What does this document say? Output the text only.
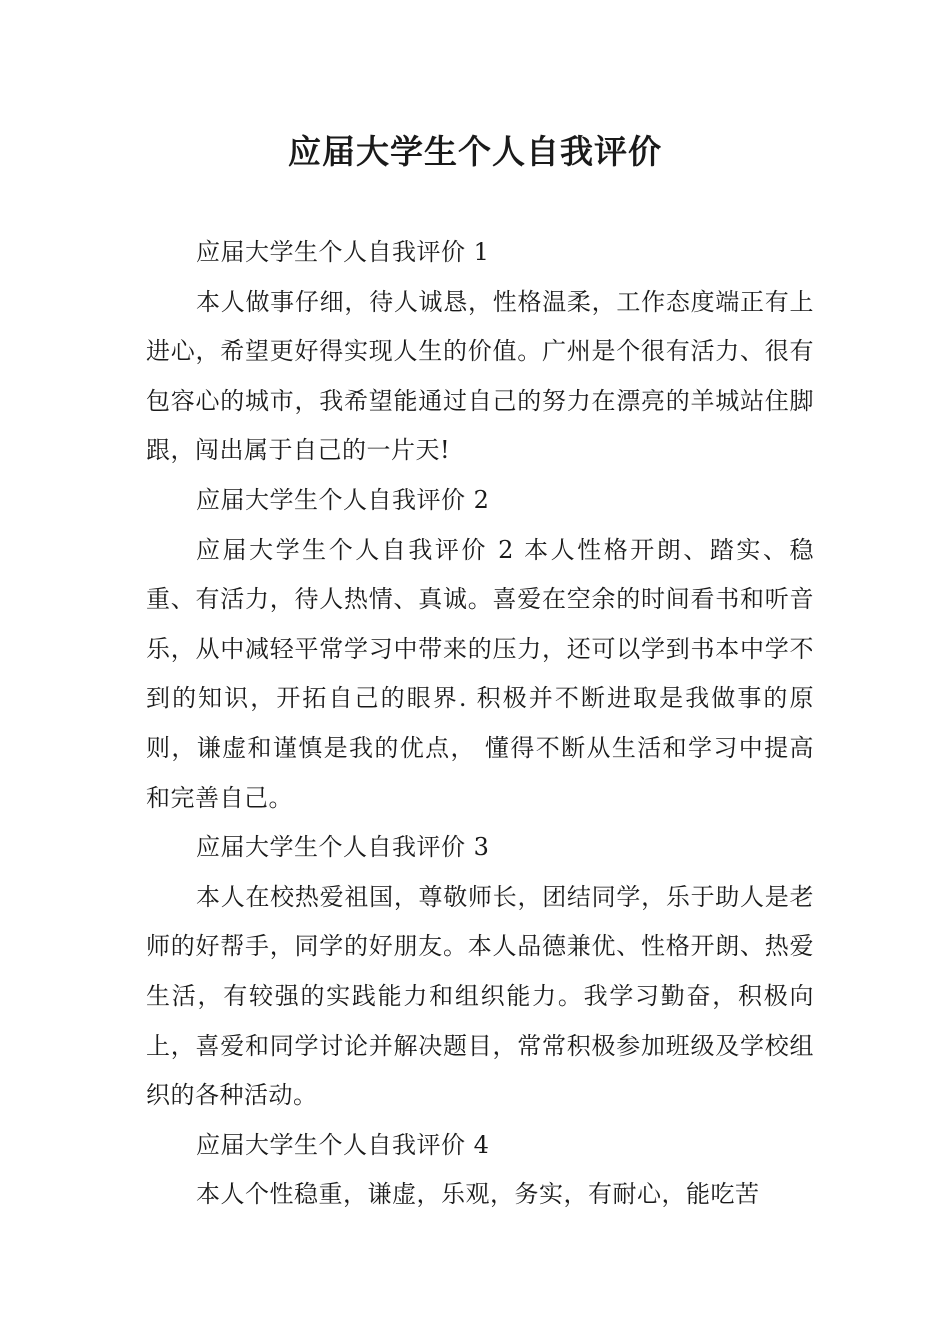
应届大学生个人自我评价

应届大学生个人自我评价 1

本人做事仔细，待人诚恳，性格温柔，工作态度端正有上进心，希望更好得实现人生的价值。广州是个很有活力、很有包容心的城市，我希望能通过自己的努力在漂亮的羊城站住脚跟，闯出属于自己的一片天!

应届大学生个人自我评价 2

应届大学生个人自我评价 2 本人性格开朗、踏实、稳重、有活力，待人热情、真诚。喜爱在空余的时间看书和听音乐，从中减轻平常学习中带来的压力，还可以学到书本中学不到的知识，开拓自己的眼界. 积极并不断进取是我做事的原则，谦虚和谨慎是我的优点， 懂得不断从生活和学习中提高和完善自己。

应届大学生个人自我评价 3

本人在校热爱祖国，尊敬师长，团结同学，乐于助人是老师的好帮手，同学的好朋友。本人品德兼优、性格开朗、热爱生活，有较强的实践能力和组织能力。我学习勤奋，积极向上，喜爱和同学讨论并解决题目，常常积极参加班级及学校组织的各种活动。

应届大学生个人自我评价 4

本人个性稳重，谦虚，乐观，务实，有耐心，能吃苦
